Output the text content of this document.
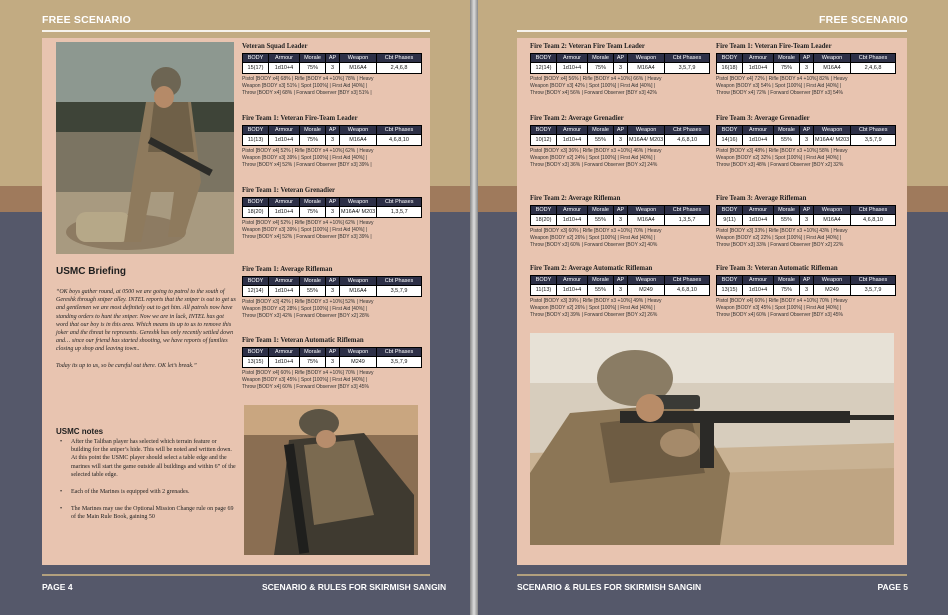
FREE SCENARIO
USMC Briefing

“OK boys gather round, at 0500 we are going to patrol to the south of Gereshk through sniper alley. INTEL reports that the sniper is out to get us and gentlemen we are most definitely out to get him. All patrols now have standing orders to hunt the sniper. Now we are in luck, INTEL has got word that our boy is in this area. Which means its up to us to remove this joker and the threat he represents. Gereshk has only recently settled down and… since our friend has started shooting, we have reports of families closing up shop and leaving town..

Today its up to us, so be careful out there. OK let’s break.”

USMC notes
• After the Taliban player has selected which terrain feature or building for the sniper’s hide. This will be noted and written down. At this point the USMC player should select a table edge and the marines will start the game outside all buildings and within 6” of the selected table edge.
• Each of the Marines is equipped with 2 grenades.
• The Marines may use the Optional Mission Change rule on page 69 of the Main Rule Book, gaining 50
PAGE 4	SCENARIO & RULES FOR SKIRMISH SANGIN
Veteran Squad Leader
BODY	Armour	Morale	AP	Weapon	Cbt Phases
15(17)	1d10+4	75%	3	M16A4	2,4,6,8
Pistol [BODY x4] 68% | Rifle [BODY x4 +10%] 78% | Heavy
Weapon [BODY x3] 51% | Spot [100%] | First Aid [40%] |
Throw [BODY x4] 68% | Forward Observer [BDY x3] 51% |
Fire Team 1: Veteran Fire-Team Leader
BODY	Armour	Morale	AP	Weapon	Cbt Phases
11(13)	1d10+4	75%	3	M16A4	4,6,8,10
Pistol [BODY x4] 52% | Rifle [BODY x4 +10%] 62% | Heavy
Weapon [BODY x3] 39% | Spot [100%] | First Aid [40%] |
Throw [BODY x4] 52% | Forward Observer [BDY x3] 39% |
Fire Team 1: Veteran Grenadier
BODY	Armour	Morale	AP	Weapon	Cbt Phases
18(20)	1d10+4	75%	3	M16A4/ M203	1,3,5,7
Pistol [BODY x4] 52% | Rifle [BODY x4 +10%] 62% | Heavy
Weapon [BODY x3] 39% | Spot [100%] | First Aid [40%] |
Throw [BODY x4] 52% | Forward Observer [BDY x3] 39% |
Fire Team 1: Average Rifleman
BODY	Armour	Morale	AP	Weapon	Cbt Phases
12(14)	1d10+4	55%	3	M16A4	3,5,7,9
Pistol [BODY x3] 42% | Rifle [BODY x3 +10%] 52% | Heavy
Weapon [BODY x2] 28% | Spot [100%] | First Aid [40%] |
Throw [BODY x3] 42% | Forward Observer [BOY x2] 28%
Fire Team 1: Veteran Automatic Rifleman
BODY	Armour	Morale	AP	Weapon	Cbt Phases
13(15)	1d10+4	75%	3	M249	3,5,7,9
Pistol [BODY x4] 60% | Rifle [BODY x4 +10%] 70% | Heavy
Weapon [BODY x3] 45% | Spot [100%] | First Aid [40%] |
Throw [BODY x4] 60% | Forward Observer [BDY x3] 45%
FREE SCENARIO
SCENARIO & RULES FOR SKIRMISH SANGIN	PAGE 5
Fire Team 2: Veteran Fire Team Leader
BODY	Armour	Morale	AP	Weapon	Cbt Phases
12(14)	1d10+4	75%	3	M16A4	3,5,7,9
Pistol [BODY x4] 56% | Rifle [BODY x4 +10%] 66% | Heavy
Weapon [BODY x3] 42% | Spot [100%] | First Aid [40%] |
Throw [BODY x4] 56% | Forward Observer [BDY x3] 42%
Fire Team 2: Average Grenadier
BODY	Armour	Morale	AP	Weapon	Cbt Phases
10(12)	1d10+4	55%	3	M16A4/ M203	4,6,8,10
Pistol [BODY x3] 36% | Rifle [BODY x3 +10%] 46% | Heavy
Weapon [BODY x2] 24% | Spot [100%] | First Aid [40%] |
Throw [BODY x3] 36% | Forward Observer [BOY x2] 24%
Fire Team 2: Average Rifleman
BODY	Armour	Morale	AP	Weapon	Cbt Phases
18(20)	1d10+4	55%	3	M16A4	1,3,5,7
Pistol [BODY x3] 60% | Rifle [BODY x3 +10%] 70% | Heavy
Weapon [BODY x2] 26% | Spot [100%] | First Aid [40%] |
Throw [BODY x3] 60% | Forward Observer [BOY x2] 40%
Fire Team 2: Average Automatic Rifleman
BODY	Armour	Morale	AP	Weapon	Cbt Phases
11(13)	1d10+4	55%	3	M249	4,6,8,10
Pistol [BODY x3] 39% | Rifle [BODY x3 +10%] 49% | Heavy
Weapon [BODY x2] 26% | Spot [100%] | First Aid [40%] |
Throw [BODY x3] 39% | Forward Observer [BOY x2] 26%
Fire Team 1: Veteran Fire-Team Leader
BODY	Armour	Morale	AP	Weapon	Cbt Phases
16(18)	1d10+4	75%	3	M16A4	2,4,6,8
Pistol [BODY x4] 72% | Rifle [BODY x4 +10%] 82% | Heavy
Weapon [BODY x3] 54% | Spot [100%] | First Aid [40%] |
Throw [BODY x4] 72% | Forward Observer [BDY x3] 54%
Fire Team 3: Average Grenadier
BODY	Armour	Morale	AP	Weapon	Cbt Phases
14(16)	1d10+4	55%	3	M16A4/ M203	3,5,7,9
Pistol [BODY x3] 48% | Rifle [BODY x3 +10%] 58% | Heavy
Weapon [BODY x2] 32% | Spot [100%] | First Aid [40%] |
Throw [BODY x3] 48% | Forward Observer [BOY x2] 32%
Fire Team 3: Average Rifleman
BODY	Armour	Morale	AP	Weapon	Cbt Phases
9(11)	1d10+4	55%	3	M16A4	4,6,8,10
Pistol [BODY x3] 33% | Rifle [BODY x3 +10%] 43% | Heavy
Weapon [BODY x2] 22% | Spot [100%] | First Aid [40%] |
Throw [BODY x3] 33% | Forward Observer [BOY x2] 22%
Fire Team 3: Veteran Automatic Rifleman
BODY	Armour	Morale	AP	Weapon	Cbt Phases
13(15)	1d10+4	75%	3	M249	3,5,7,9
Pistol [BODY x4] 60% | Rifle [BODY x4 +10%] 70% | Heavy
Weapon [BODY x3] 45% | Spot [100%] | First Aid [40%] |
Throw [BODY x4] 60% | Forward Observer [BDY x3] 45%
